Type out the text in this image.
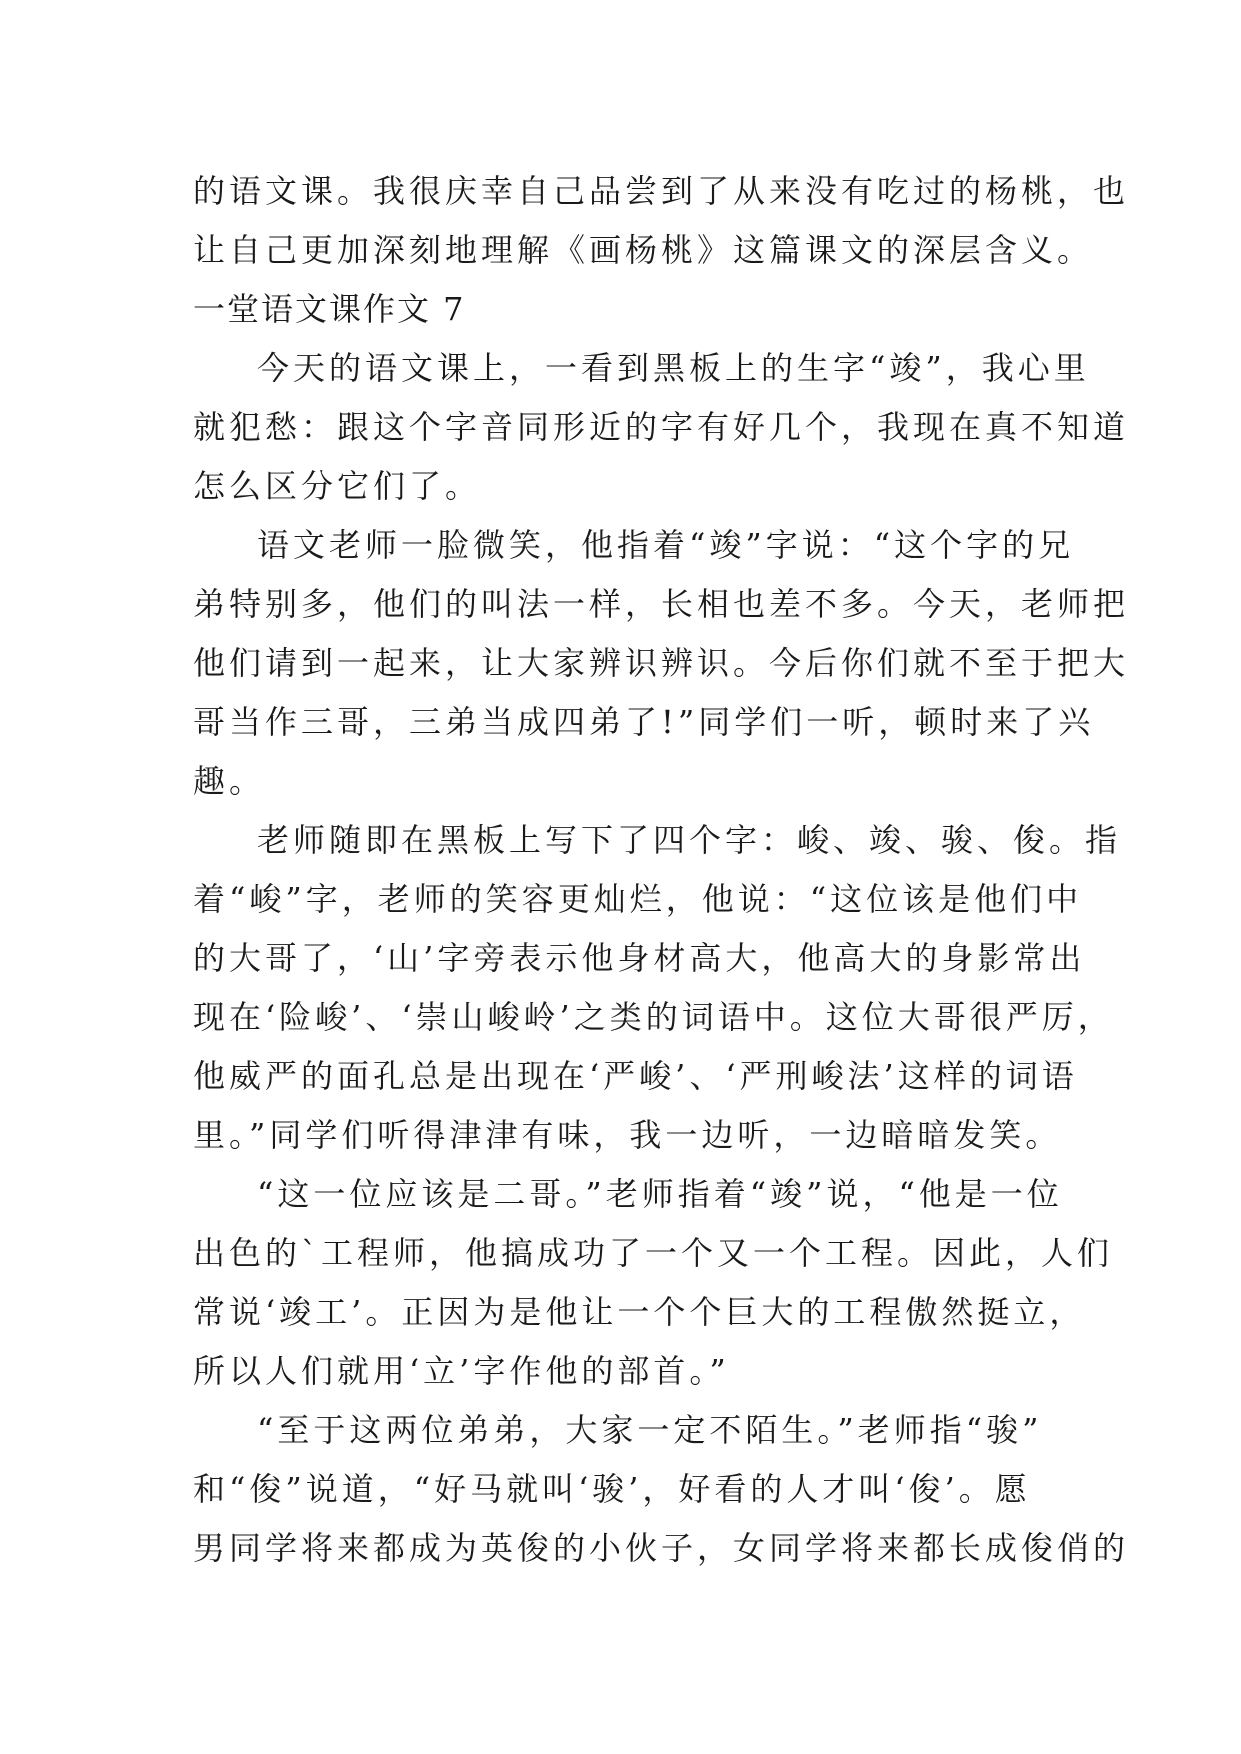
的语文课。我很庆幸自己品尝到了从来没有吃过的杨桃，也
让自己更加深刻地理解《画杨桃》这篇课文的深层含义。
一堂语文课作文 7
今天的语文课上，一看到黑板上的生字“竣”，我心里
就犯愁：跟这个字音同形近的字有好几个，我现在真不知道
怎么区分它们了。
语文老师一脸微笑，他指着“竣”字说：“这个字的兄
弟特别多，他们的叫法一样，长相也差不多。今天，老师把
他们请到一起来，让大家辨识辨识。今后你们就不至于把大
哥当作三哥，三弟当成四弟了!”同学们一听，顿时来了兴
趣。
老师随即在黑板上写下了四个字：峻、竣、骏、俊。指
着“峻”字，老师的笑容更灿烂，他说：“这位该是他们中
的大哥了，‘山’字旁表示他身材高大，他高大的身影常出
现在‘险峻’、‘崇山峻岭’之类的词语中。这位大哥很严厉，
他威严的面孔总是出现在‘严峻’、‘严刑峻法’这样的词语
里。”同学们听得津津有味，我一边听，一边暗暗发笑。
“这一位应该是二哥。”老师指着“竣”说，“他是一位
出色的`工程师，他搞成功了一个又一个工程。因此，人们
常说‘竣工’。正因为是他让一个个巨大的工程傲然挺立，
所以人们就用‘立’字作他的部首。”
“至于这两位弟弟，大家一定不陌生。”老师指“骏”
和“俊”说道，“好马就叫‘骏’，好看的人才叫‘俊’。愿
男同学将来都成为英俊的小伙子，女同学将来都长成俊俏的
